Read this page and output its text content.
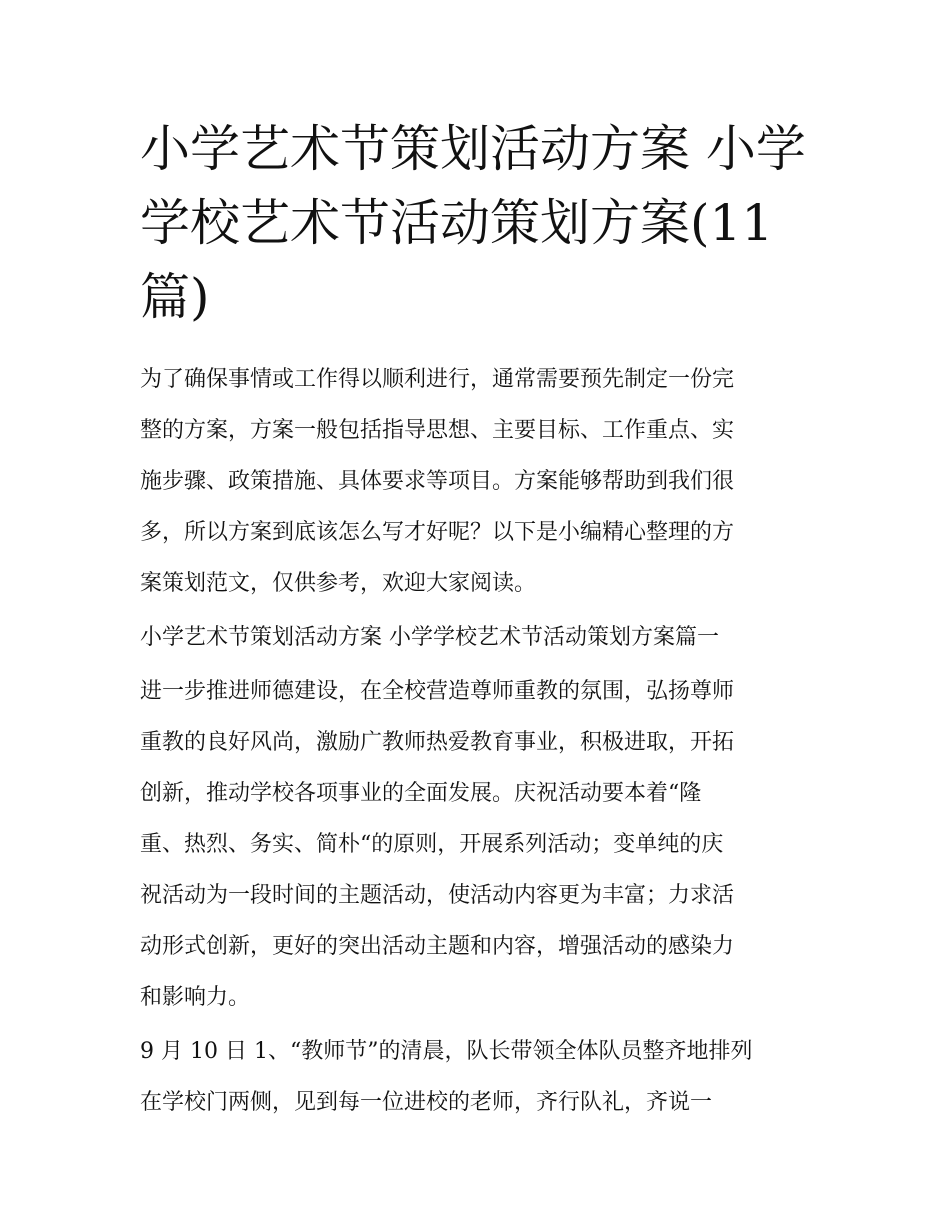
小学艺术节策划活动方案 小学
学校艺术节活动策划方案(11
篇)

为了确保事情或工作得以顺利进行，通常需要预先制定一份完
整的方案，方案一般包括指导思想、主要目标、工作重点、实
施步骤、政策措施、具体要求等项目。方案能够帮助到我们很
多，所以方案到底该怎么写才好呢？以下是小编精心整理的方
案策划范文，仅供参考，欢迎大家阅读。

小学艺术节策划活动方案 小学学校艺术节活动策划方案篇一

进一步推进师德建设，在全校营造尊师重教的氛围，弘扬尊师
重教的良好风尚，激励广教师热爱教育事业，积极进取，开拓
创新，推动学校各项事业的全面发展。庆祝活动要本着“隆
重、热烈、务实、简朴“的原则，开展系列活动；变单纯的庆
祝活动为一段时间的主题活动，使活动内容更为丰富；力求活
动形式创新，更好的突出活动主题和内容，增强活动的感染力
和影响力。

9 月 10 日 1、“教师节”的清晨，队长带领全体队员整齐地排列
在学校门两侧，见到每一位进校的老师，齐行队礼，齐说一
